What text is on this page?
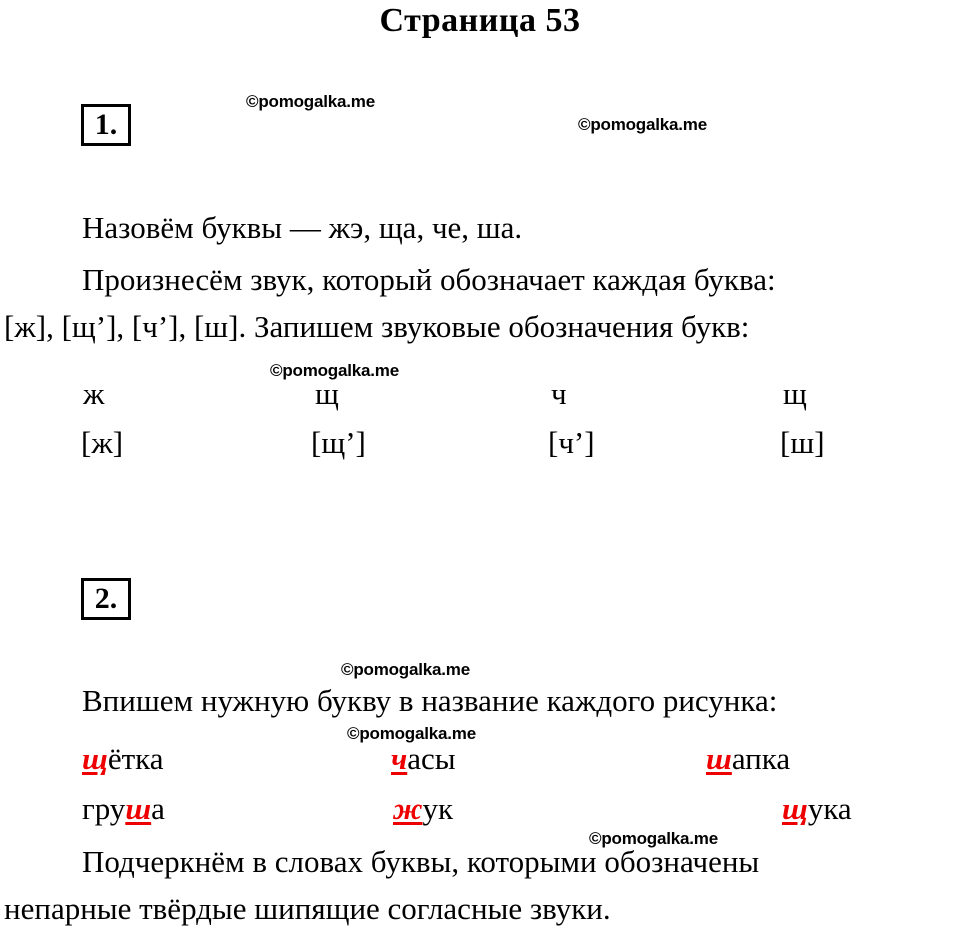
Страница 53
1.
©pomogalka.me
©pomogalka.me
Назовём буквы — жэ, ща, че, ша.
Произнесём звук, который обозначает каждая буква:
[ж], [щ’], [ч’], [ш]. Запишем звуковые обозначения букв:
©pomogalka.me
ж	щ	ч	щ
[ж]	[щ’]	[ч’]	[ш]
2.
©pomogalka.me
Впишем нужную букву в название каждого рисунка:
©pomogalka.me
щётка	часы	шапка
груша	жук	щука
©pomogalka.me
Подчеркнём в словах буквы, которыми обозначены
непарные твёрдые шипящие согласные звуки.
